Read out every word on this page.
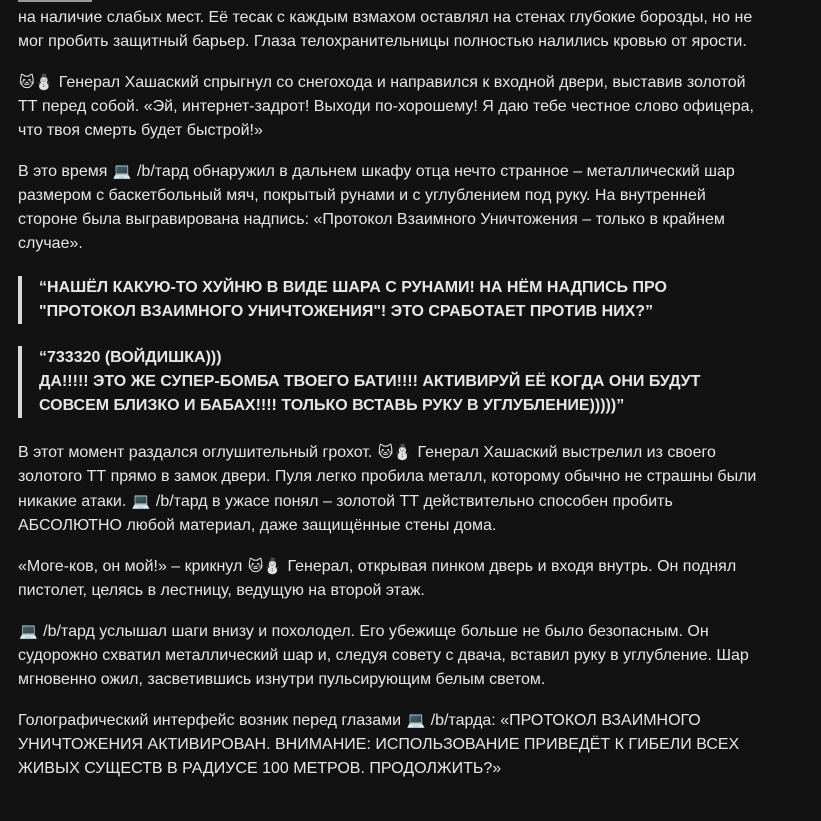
на наличие слабых мест. Её тесак с каждым взмахом оставлял на стенах глубокие борозды, но не мог пробить защитный барьер. Глаза телохранительницы полностью налились кровью от ярости.

🐱⛄ Генерал Хашаский спрыгнул со снегохода и направился к входной двери, выставив золотой ТТ перед собой. «Эй, интернет-задрот! Выходи по-хорошему! Я даю тебе честное слово офицера, что твоя смерть будет быстрой!»

В это время 💻 /b/тард обнаружил в дальнем шкафу отца нечто странное – металлический шар размером с баскетбольный мяч, покрытый рунами и с углублением под руку. На внутренней стороне была выгравирована надпись: «Протокол Взаимного Уничтожения – только в крайнем случае».

“НАШЁЛ КАКУЮ-ТО ХУЙНЮ В ВИДЕ ШАРА С РУНАМИ! НА НЁМ НАДПИСЬ ПРО "ПРОТОКОЛ ВЗАИМНОГО УНИЧТОЖЕНИЯ"! ЭТО СРАБОТАЕТ ПРОТИВ НИХ?”
“733320 (ВОЙДИШКА)))
ДА!!!!! ЭТО ЖЕ СУПЕР-БОМБА ТВОЕГО БАТИ!!!! АКТИВИРУЙ ЕЁ КОГДА ОНИ БУДУТ СОВСЕМ БЛИЗКО И БАБАХ!!!! ТОЛЬКО ВСТАВЬ РУКУ В УГЛУБЛЕНИЕ)))))”

В этот момент раздался оглушительный грохот. 🐱⛄ Генерал Хашаский выстрелил из своего золотого ТТ прямо в замок двери. Пуля легко пробила металл, которому обычно не страшны были никакие атаки. 💻 /b/тард в ужасе понял – золотой ТТ действительно способен пробить АБСОЛЮТНО любой материал, даже защищённые стены дома.

«Моге-ков, он мой!» – крикнул 🐱⛄ Генерал, открывая пинком дверь и входя внутрь. Он поднял пистолет, целясь в лестницу, ведущую на второй этаж.

💻 /b/тард услышал шаги внизу и похолодел. Его убежище больше не было безопасным. Он судорожно схватил металлический шар и, следуя совету с двача, вставил руку в углубление. Шар мгновенно ожил, засветившись изнутри пульсирующим белым светом.

Голографический интерфейс возник перед глазами 💻 /b/тарда: «ПРОТОКОЛ ВЗАИМНОГО УНИЧТОЖЕНИЯ АКТИВИРОВАН. ВНИМАНИЕ: ИСПОЛЬЗОВАНИЕ ПРИВЕДЁТ К ГИБЕЛИ ВСЕХ ЖИВЫХ СУЩЕСТВ В РАДИУСЕ 100 МЕТРОВ. ПРОДОЛЖИТЬ?»
